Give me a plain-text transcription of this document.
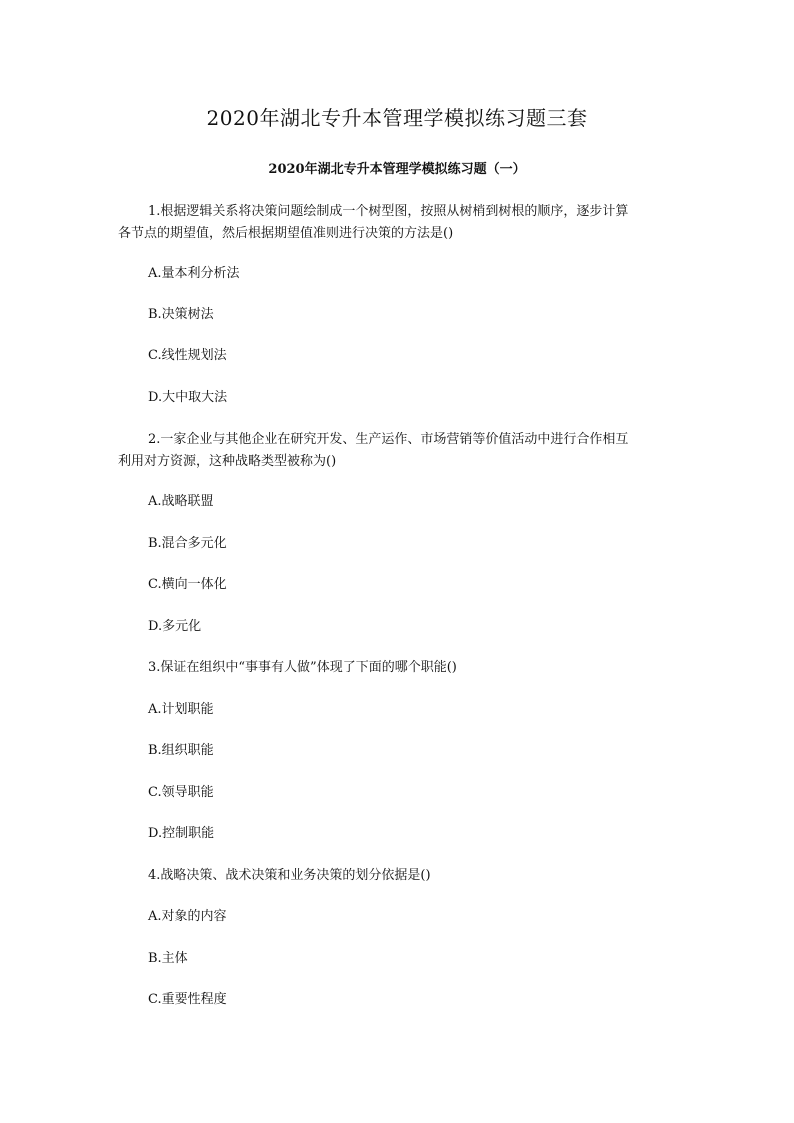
2020年湖北专升本管理学模拟练习题三套
2020年湖北专升本管理学模拟练习题（一）
1.根据逻辑关系将决策问题绘制成一个树型图，按照从树梢到树根的顺序，逐步计算
各节点的期望值，然后根据期望值准则进行决策的方法是()
A.量本利分析法
B.决策树法
C.线性规划法
D.大中取大法
2.一家企业与其他企业在研究开发、生产运作、市场营销等价值活动中进行合作相互
利用对方资源，这种战略类型被称为()
A.战略联盟
B.混合多元化
C.横向一体化
D.多元化
3.保证在组织中“事事有人做”体现了下面的哪个职能()
A.计划职能
B.组织职能
C.领导职能
D.控制职能
4.战略决策、战术决策和业务决策的划分依据是()
A.对象的内容
B.主体
C.重要性程度
